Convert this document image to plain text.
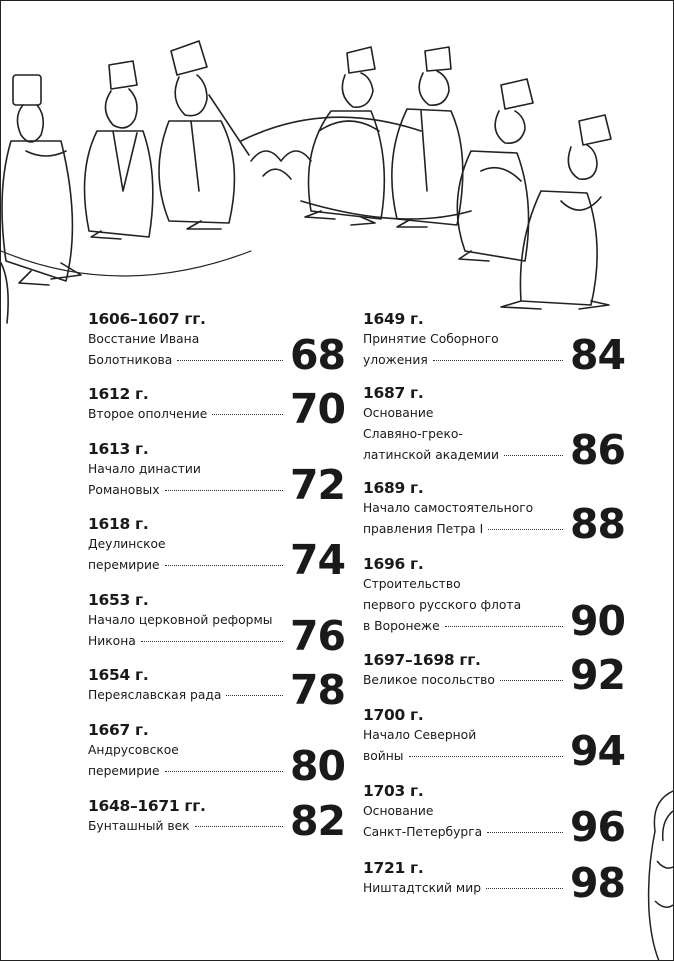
1606–1607 гг.
Восстание Ивана
Болотникова	68
1612 г.
Второе ополчение 70
1613 г.
Начало династии
Романовых	72
1618 г.
Деулинское
перемирие	74
1653 г.
Начало церковной реформы
Никона	76
1654 г.
Переяславская рада 78
1667 г.
Андрусовское
перемирие	80
1648–1671 гг.
Бунташный век 82
1649 г.
Принятие Соборного
уложения	84
1687 г.
Основание
Славяно-греко-
латинской академии 86
1689 г.
Начало самостоятельного
правления Петра I 88
1696 г.
Строительство
первого русского флота
в Воронеже	90
1697–1698 гг.
Великое посольство 92
1700 г.
Начало Северной
войны	94
1703 г.
Основание
Санкт-Петербурга 96
1721 г.
Ништадтский мир 98
